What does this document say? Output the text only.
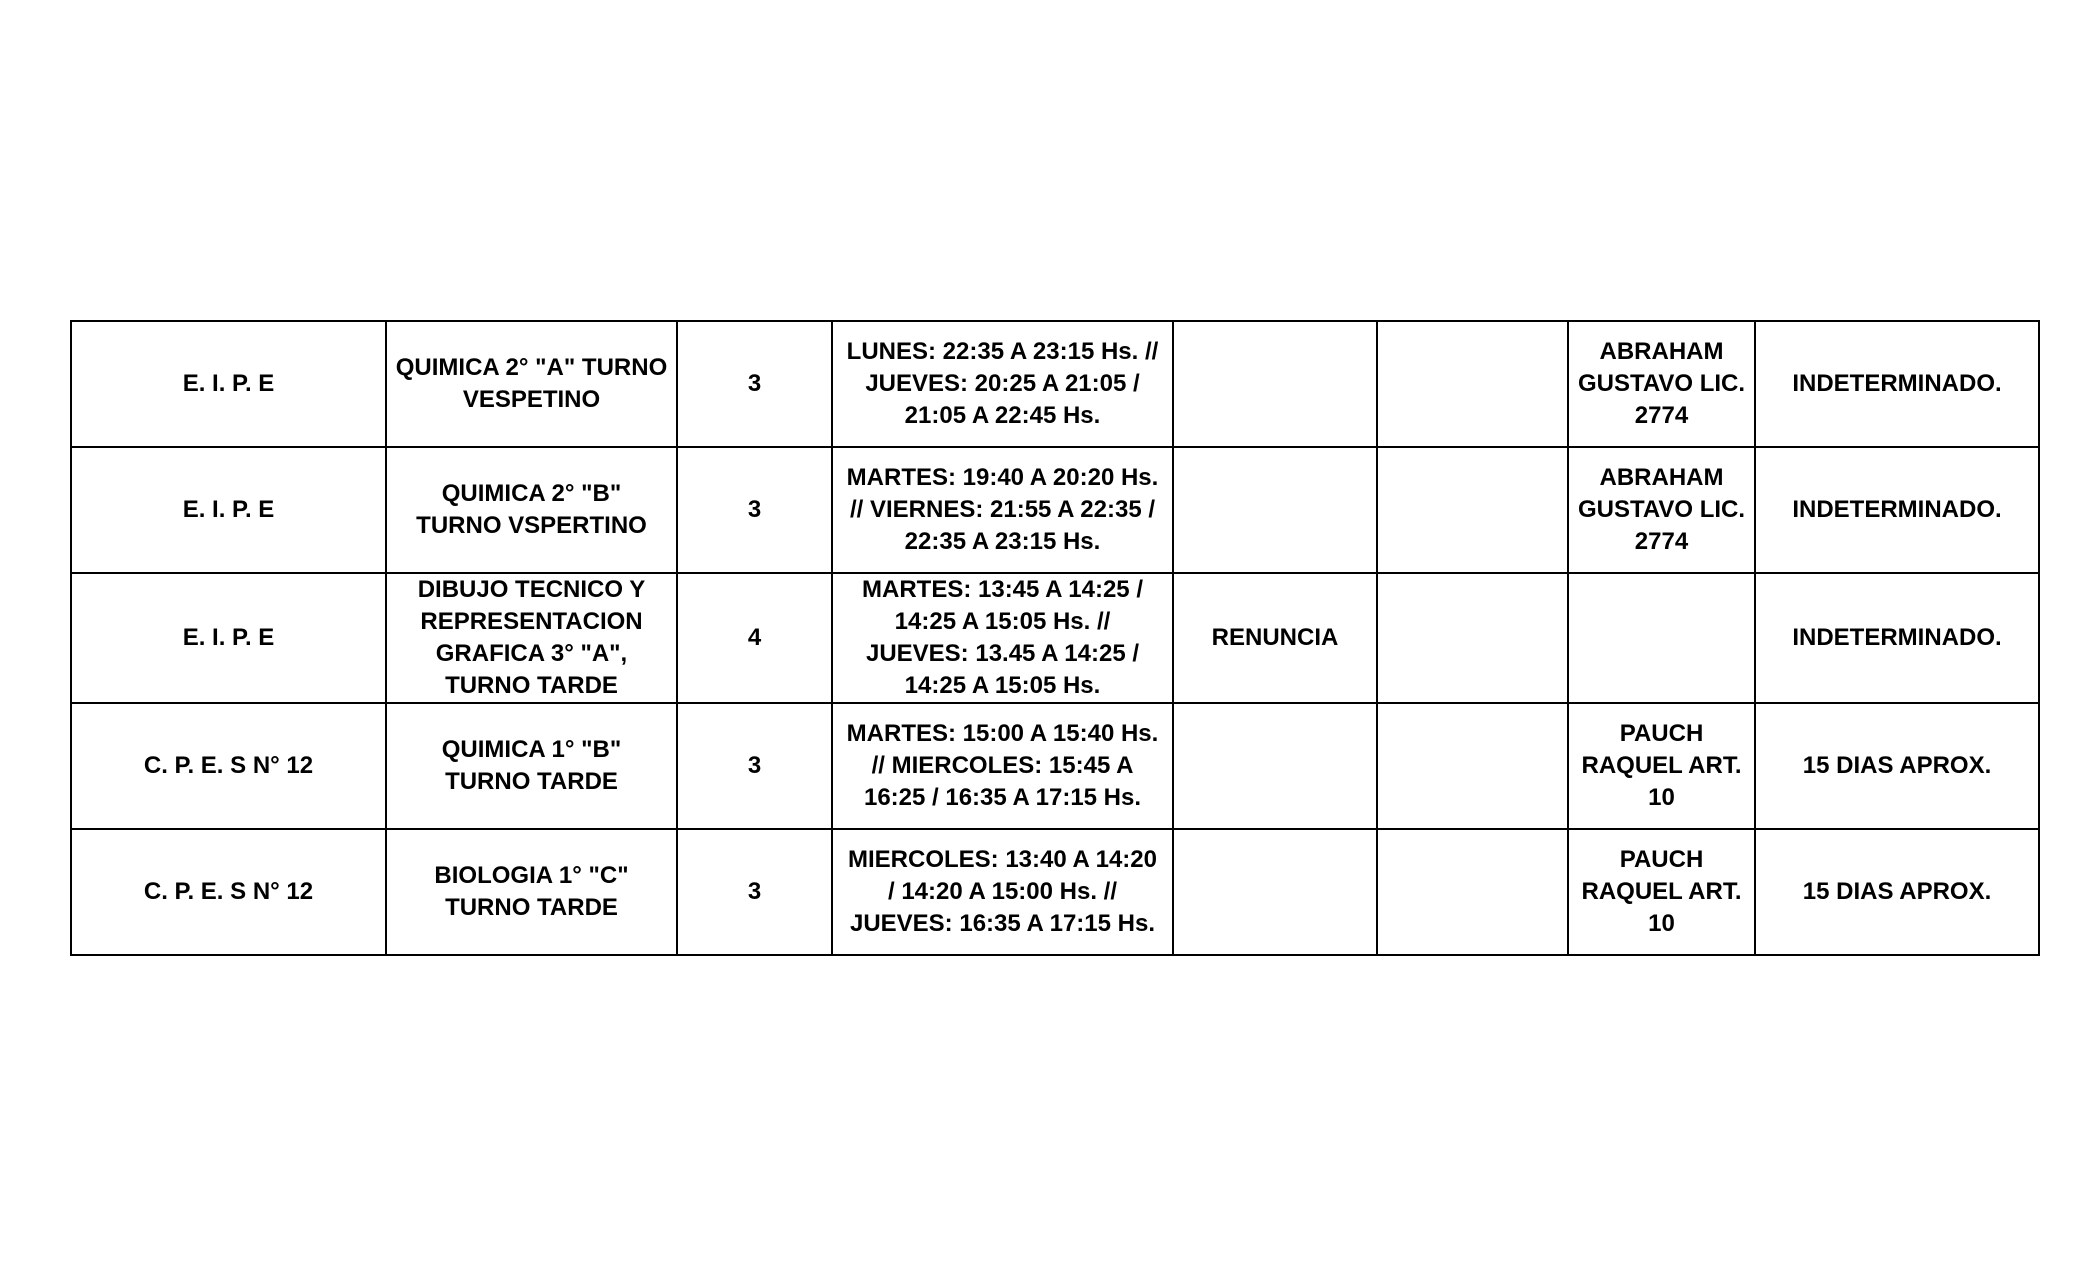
E. I. P. E	QUIMICA 2° "A" TURNO
VESPETINO	3	LUNES: 22:35 A 23:15 Hs. //
JUEVES: 20:25 A 21:05 /
21:05 A 22:45 Hs.			ABRAHAM
GUSTAVO LIC.
2774	INDETERMINADO.
E. I. P. E	QUIMICA 2° "B"
TURNO VSPERTINO	3	MARTES: 19:40 A 20:20 Hs.
// VIERNES: 21:55 A 22:35 /
22:35 A 23:15 Hs.			ABRAHAM
GUSTAVO LIC.
2774	INDETERMINADO.
E. I. P. E	DIBUJO TECNICO Y
REPRESENTACION
GRAFICA 3° "A",
TURNO TARDE	4	MARTES: 13:45 A 14:25 /
14:25 A 15:05 Hs. //
JUEVES: 13.45 A 14:25 /
14:25 A 15:05 Hs.	RENUNCIA			INDETERMINADO.
C. P. E. S N° 12	QUIMICA 1° "B"
TURNO TARDE	3	MARTES: 15:00 A 15:40 Hs.
// MIERCOLES: 15:45 A
16:25 / 16:35 A 17:15 Hs.			PAUCH
RAQUEL ART.
10	15 DIAS APROX.
C. P. E. S N° 12	BIOLOGIA 1° "C"
TURNO TARDE	3	MIERCOLES: 13:40 A 14:20
/ 14:20 A 15:00 Hs. //
JUEVES: 16:35 A 17:15 Hs.			PAUCH
RAQUEL ART.
10	15 DIAS APROX.
